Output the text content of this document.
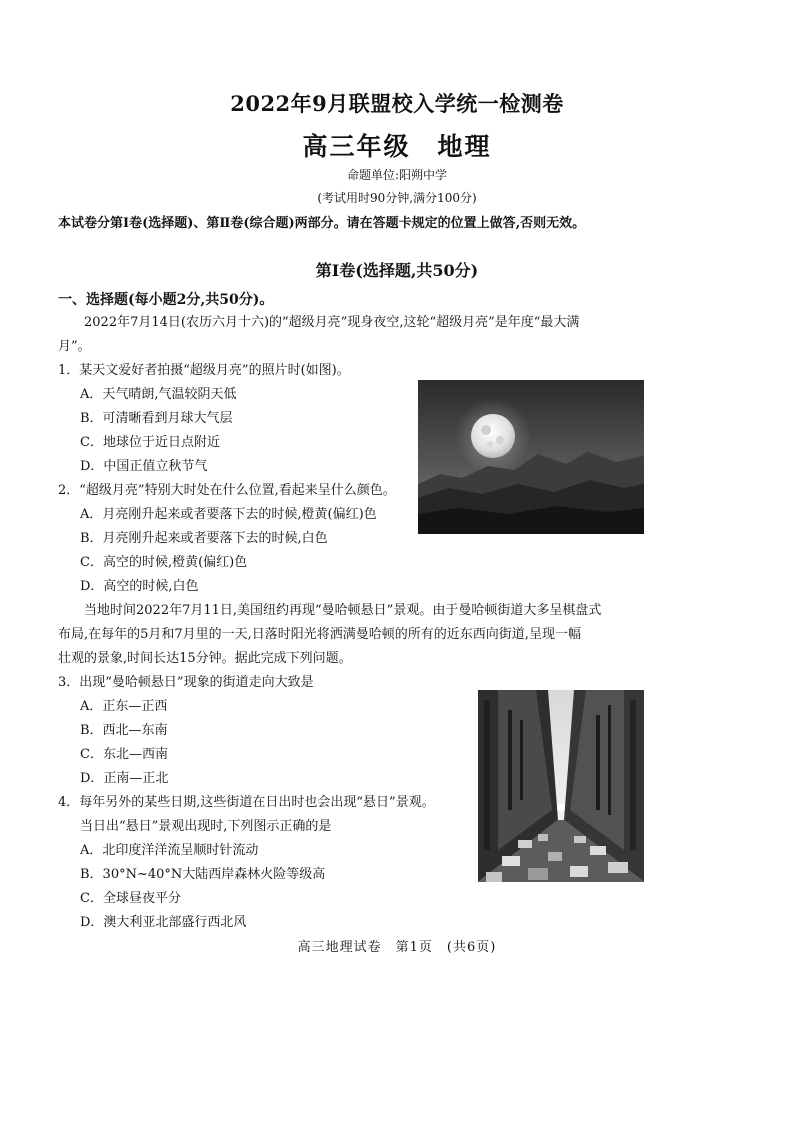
2022年9月联盟校入学统一检测卷
高三年级　地理
命题单位:阳朔中学
(考试用时90分钟,满分100分)
本试卷分第Ⅰ卷(选择题)、第Ⅱ卷(综合题)两部分。请在答题卡规定的位置上做答,否则无效。
第Ⅰ卷(选择题,共50分)
一、选择题(每小题2分,共50分)。
2022年7月14日(农历六月十六)的“超级月亮”现身夜空,这轮“超级月亮”是年度“最大满
月”。
1．某天文爱好者拍摄“超级月亮”的照片时(如图)。
A．天气晴朗,气温较阴天低
B．可清晰看到月球大气层
C．地球位于近日点附近
D．中国正值立秋节气
2．“超级月亮”特别大时处在什么位置,看起来呈什么颜色。
A．月亮刚升起来或者要落下去的时候,橙黄(偏红)色
B．月亮刚升起来或者要落下去的时候,白色
C．高空的时候,橙黄(偏红)色
D．高空的时候,白色
当地时间2022年7月11日,美国纽约再现“曼哈顿悬日”景观。由于曼哈顿街道大多呈棋盘式
布局,在每年的5月和7月里的一天,日落时阳光将洒满曼哈顿的所有的近东西向街道,呈现一幅
壮观的景象,时间长达15分钟。据此完成下列问题。
3．出现“曼哈顿悬日”现象的街道走向大致是
A．正东—正西
B．西北—东南
C．东北—西南
D．正南—正北
4．每年另外的某些日期,这些街道在日出时也会出现“悬日”景观。
当日出“悬日”景观出现时,下列图示正确的是
A．北印度洋洋流呈顺时针流动
B．30°N~40°N大陆西岸森林火险等级高
C．全球昼夜平分
D．澳大利亚北部盛行西北风
高三地理试卷　第1页　(共6页)
